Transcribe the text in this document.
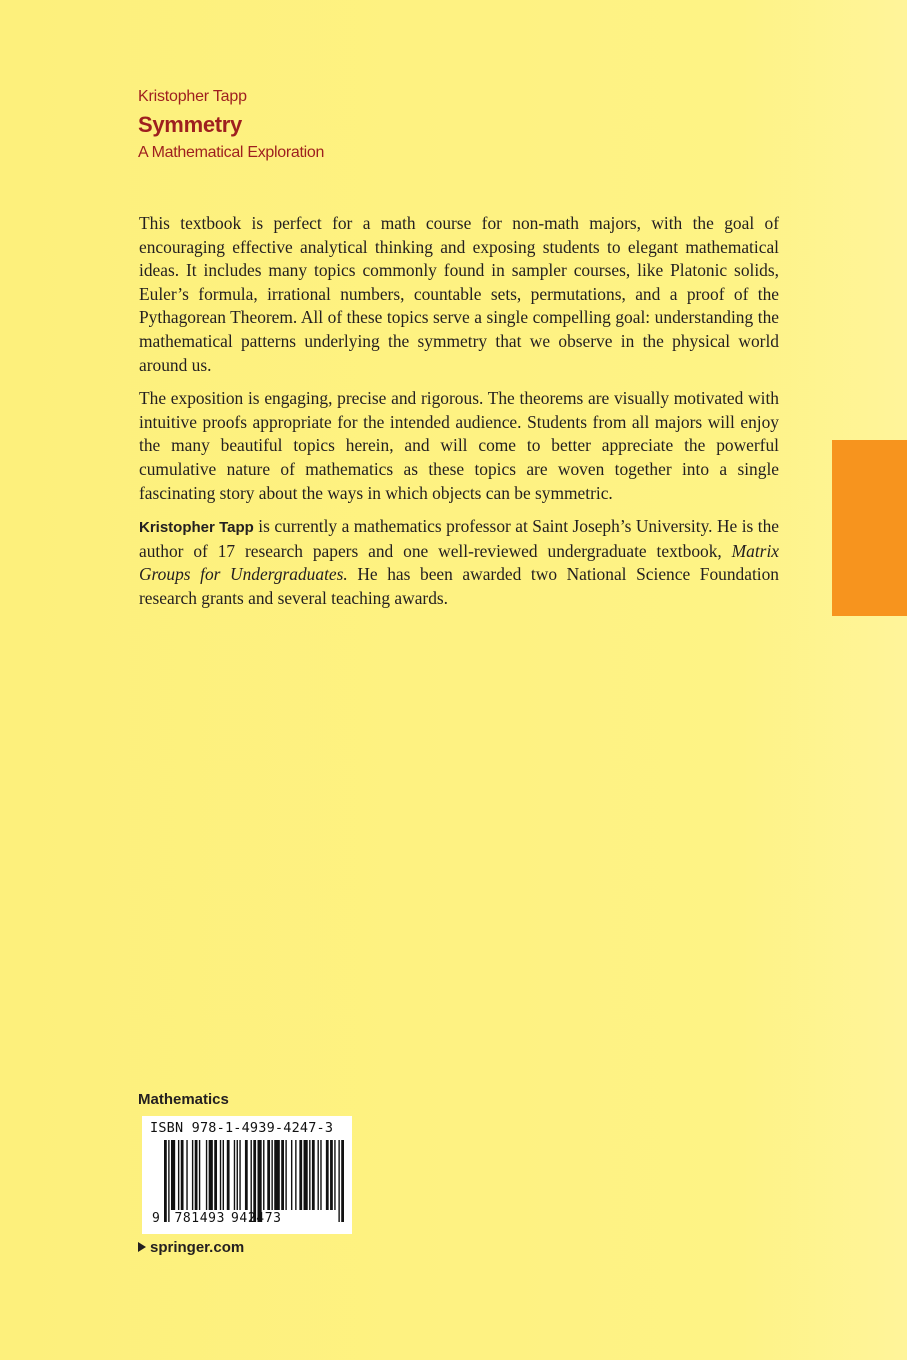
Kristopher Tapp
Symmetry
A Mathematical Exploration

This textbook is perfect for a math course for non-math majors, with the goal of encouraging effective analytical thinking and exposing students to elegant mathematical ideas. It includes many topics commonly found in sampler courses, like Platonic solids, Euler’s formula, irrational numbers, countable sets, permutations, and a proof of the Pythagorean Theorem. All of these topics serve a single compelling goal: understanding the mathematical patterns underlying the symmetry that we observe in the physical world around us.

The exposition is engaging, precise and rigorous. The theorems are visually motivated with intuitive proofs appropriate for the intended audience. Students from all majors will enjoy the many beautiful topics herein, and will come to better appreciate the powerful cumulative nature of mathematics as these topics are woven together into a single fascinating story about the ways in which objects can be symmetric.

Kristopher Tapp is currently a mathematics professor at Saint Joseph’s University. He is the author of 17 research papers and one well-reviewed undergraduate textbook, Matrix Groups for Undergraduates. He has been awarded two National Science Foundation research grants and several teaching awards.

Mathematics
ISBN 978-1-4939-4247-3
9 781493 942473
springer.com
